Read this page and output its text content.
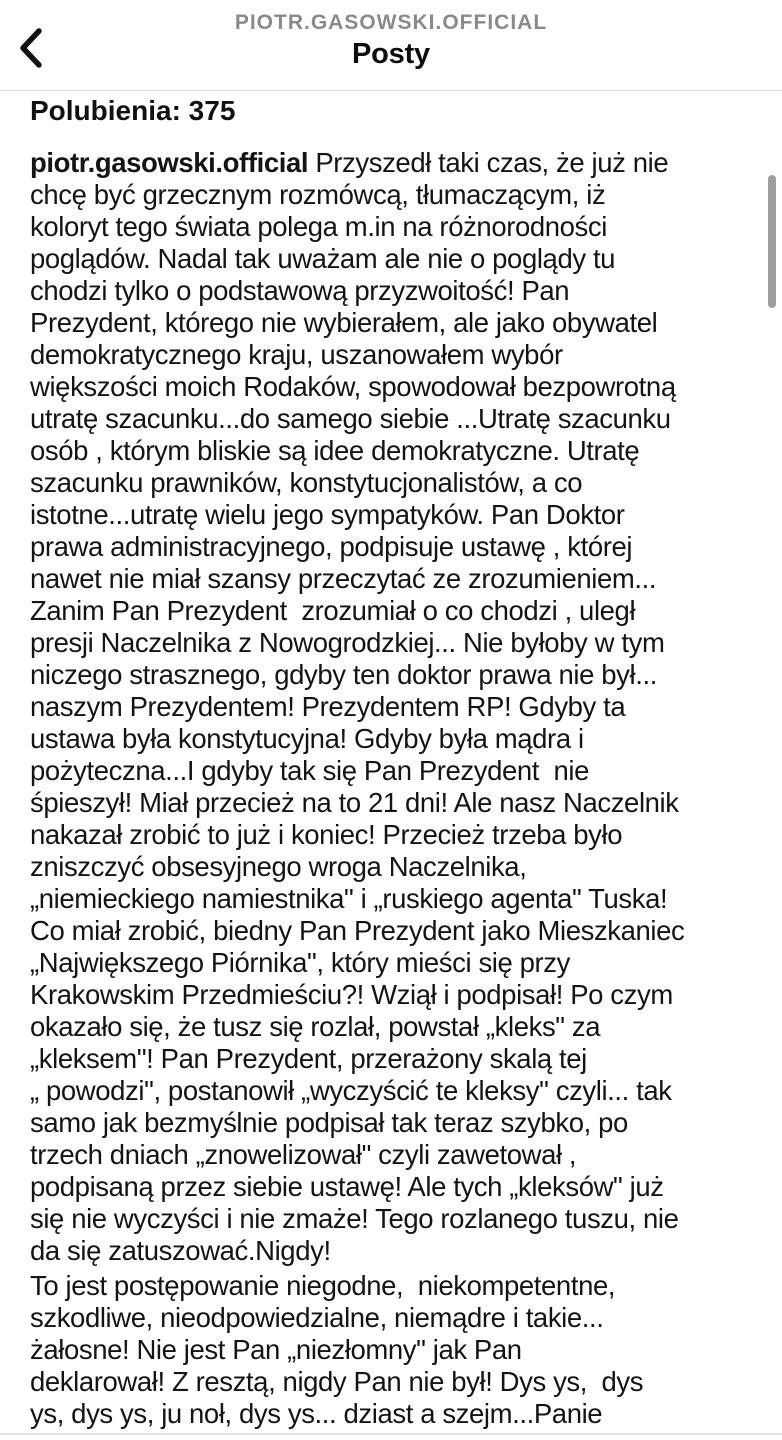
PIOTR.GASOWSKI.OFFICIAL
Posty
Polubienia: 375
piotr.gasowski.official Przyszedł taki czas, że już nie
chcę być grzecznym rozmówcą, tłumaczącym, iż
koloryt tego świata polega m.in na różnorodności
poglądów. Nadal tak uważam ale nie o poglądy tu
chodzi tylko o podstawową przyzwoitość! Pan
Prezydent, którego nie wybierałem, ale jako obywatel
demokratycznego kraju, uszanowałem wybór
większości moich Rodaków, spowodował bezpowrotną
utratę szacunku...do samego siebie ...Utratę szacunku
osób , którym bliskie są idee demokratyczne. Utratę
szacunku prawników, konstytucjonalistów, a co
istotne...utratę wielu jego sympatyków. Pan Doktor
prawa administracyjnego, podpisuje ustawę , której
nawet nie miał szansy przeczytać ze zrozumieniem...
Zanim Pan Prezydent  zrozumiał o co chodzi , uległ
presji Naczelnika z Nowogrodzkiej... Nie byłoby w tym
niczego strasznego, gdyby ten doktor prawa nie był...
naszym Prezydentem! Prezydentem RP! Gdyby ta
ustawa była konstytucyjna! Gdyby była mądra i
pożyteczna...I gdyby tak się Pan Prezydent  nie
śpieszył! Miał przecież na to 21 dni! Ale nasz Naczelnik
nakazał zrobić to już i koniec! Przecież trzeba było
zniszczyć obsesyjnego wroga Naczelnika,
„niemieckiego namiestnika" i „ruskiego agenta" Tuska!
Co miał zrobić, biedny Pan Prezydent jako Mieszkaniec
„Największego Piórnika", który mieści się przy
Krakowskim Przedmieściu?! Wziął i podpisał! Po czym
okazało się, że tusz się rozlał, powstał „kleks" za
„kleksem"! Pan Prezydent, przerażony skalą tej
„ powodzi", postanowił „wyczyścić te kleksy" czyli... tak
samo jak bezmyślnie podpisał tak teraz szybko, po
trzech dniach „znowelizował" czyli zawetował ,
podpisaną przez siebie ustawę! Ale tych „kleksów" już
się nie wyczyści i nie zmaże! Tego rozlanego tuszu, nie
da się zatuszować.Nigdy!
To jest postępowanie niegodne,  niekompetentne,
szkodliwe, nieodpowiedzialne, niemądre i takie...
żałosne! Nie jest Pan „niezłomny" jak Pan
deklarował! Z resztą, nigdy Pan nie był! Dys ys,  dys
ys, dys ys, ju noł, dys ys... dziast a szejm...Panie
